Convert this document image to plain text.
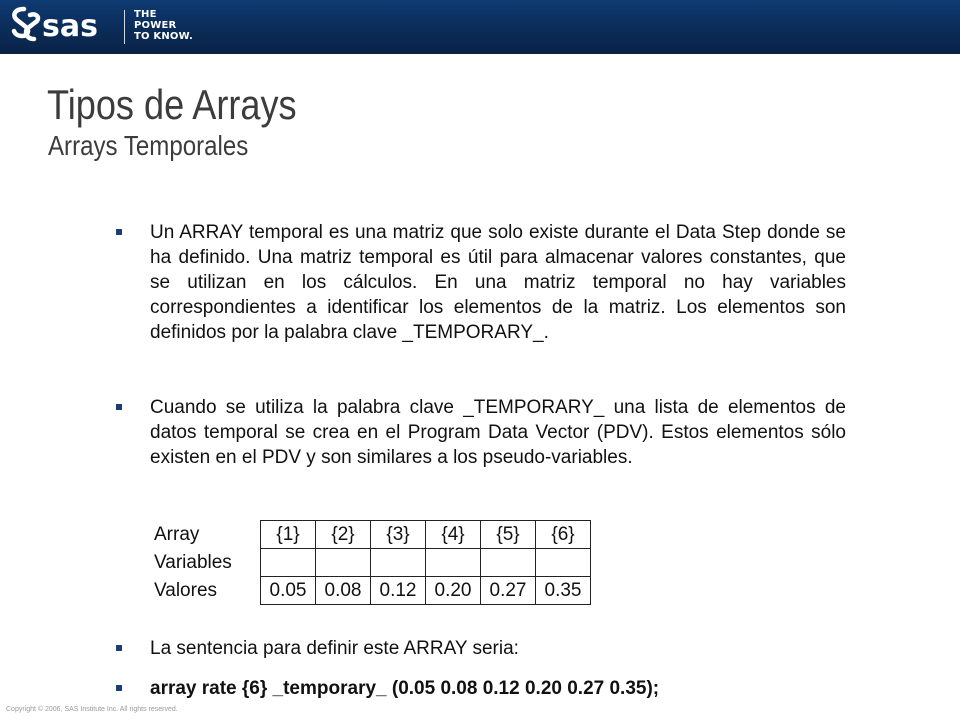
sas	THE
POWER
TO KNOW.
Tipos de Arrays
Arrays Temporales
Un ARRAY temporal es una matriz que solo existe durante el Data Step donde se ha definido. Una matriz temporal es útil para almacenar valores constantes, que se utilizan en los cálculos. En una matriz temporal no hay variables correspondientes a identificar los elementos de la matriz. Los elementos son definidos por la palabra clave _TEMPORARY_.
Cuando se utiliza la palabra clave _TEMPORARY_ una lista de elementos de datos temporal se crea en el Program Data Vector (PDV). Estos elementos sólo existen en el PDV y son similares a los pseudo-variables.
Array	{1}	{2}	{3}	{4}	{5}	{6}
Variables						
Valores	0.05	0.08	0.12	0.20	0.27	0.35
La sentencia para definir este ARRAY seria:
array rate {6} _temporary_ (0.05 0.08 0.12 0.20 0.27 0.35);
Copyright © 2006, SAS Institute Inc. All rights reserved.
